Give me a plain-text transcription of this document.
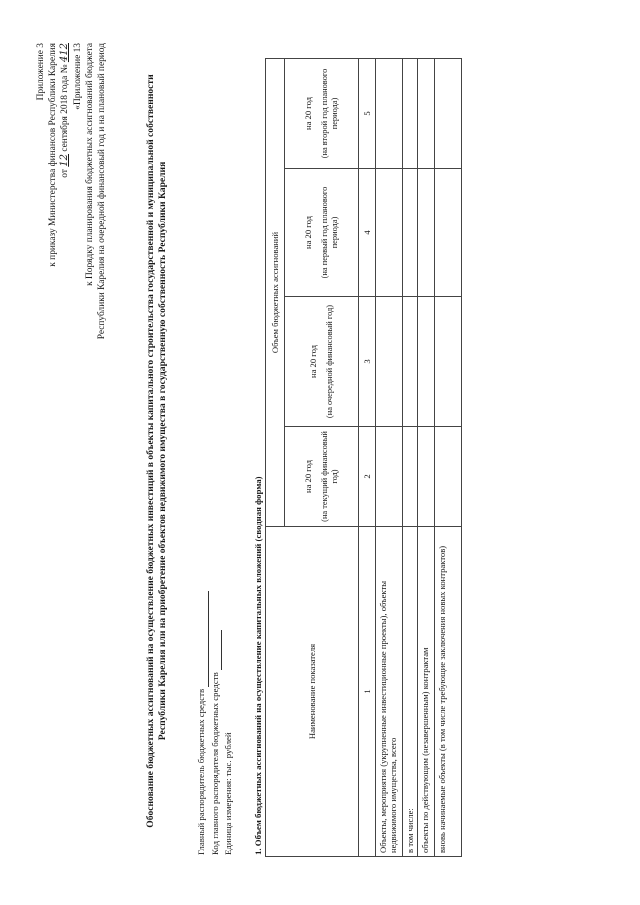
Приложение 3 к приказу Министерства финансов Республики Карелия от 12 сентября 2018 года № 412 «Приложение 13 к Порядку планирования бюджетных ассигнований бюджета Республики Карелия на очередной финансовый год и на плановый период	Обоснование бюджетных ассигнований на осуществление бюджетных инвестиций в объекты капитального строительства государственной и муниципальной собственности Республики Карелия или на приобретение объектов недвижимого имущества в государственную собственность Республики Карелия
Главный распорядитель бюджетных средств Код главного распорядителя бюджетных средств Единица измерения: тыс. рублей 1. Объем бюджетных ассигнований на осуществление капитальных вложений (сводная форма)	Наименование показателя	Объем бюджетных ассигнований			
	на 20 год (на текущий финансовый год)	на 20 год (на очередной финансовый год)	на 20 год (на первый год планового периода)	на 20 год (на второй год планового периода)

1	2	3	4	5
Объекты, мероприятия (укрупненные инвестиционные проекты), объекты недвижимого имущества, всего				
в том числе:				
объекты по действующим (незавершенным) контрактам				
вновь начинаемые объекты (в том числе требующие заключения новых контрактов)				
